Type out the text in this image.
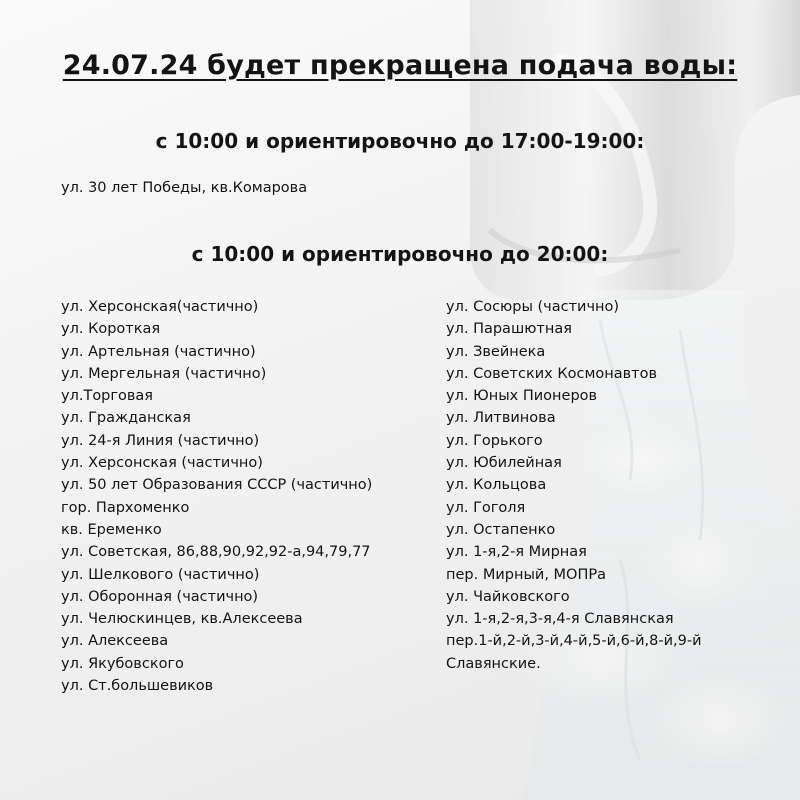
24.07.24 будет прекращена подача воды:
с 10:00 и ориентировочно до 17:00-19:00:
ул. 30 лет Победы, кв.Комарова
с 10:00 и ориентировочно до 20:00:
ул. Херсонская(частично)
ул. Короткая
ул. Артельная (частично)
ул. Мергельная (частично)
ул.Торговая
ул. Гражданская
ул. 24-я Линия (частично)
ул. Херсонская (частично)
ул. 50 лет Образования СССР (частично)
гор. Пархоменко
кв. Еременко
ул. Советская, 86,88,90,92,92-а,94,79,77
ул. Шелкового (частично)
ул. Оборонная (частично)
ул. Челюскинцев, кв.Алексеева
ул. Алексеева
ул. Якубовского
ул. Ст.большевиков
ул. Сосюры (частично)
ул. Парашютная
ул. Звейнека
ул. Советских Космонавтов
ул. Юных Пионеров
ул. Литвинова
ул. Горького
ул. Юбилейная
ул. Кольцова
ул. Гоголя
ул. Остапенко
ул. 1-я,2-я Мирная
пер. Мирный, МОПРа
ул. Чайковского
ул. 1-я,2-я,3-я,4-я Славянская
пер.1-й,2-й,3-й,4-й,5-й,6-й,8-й,9-й
Славянские.
